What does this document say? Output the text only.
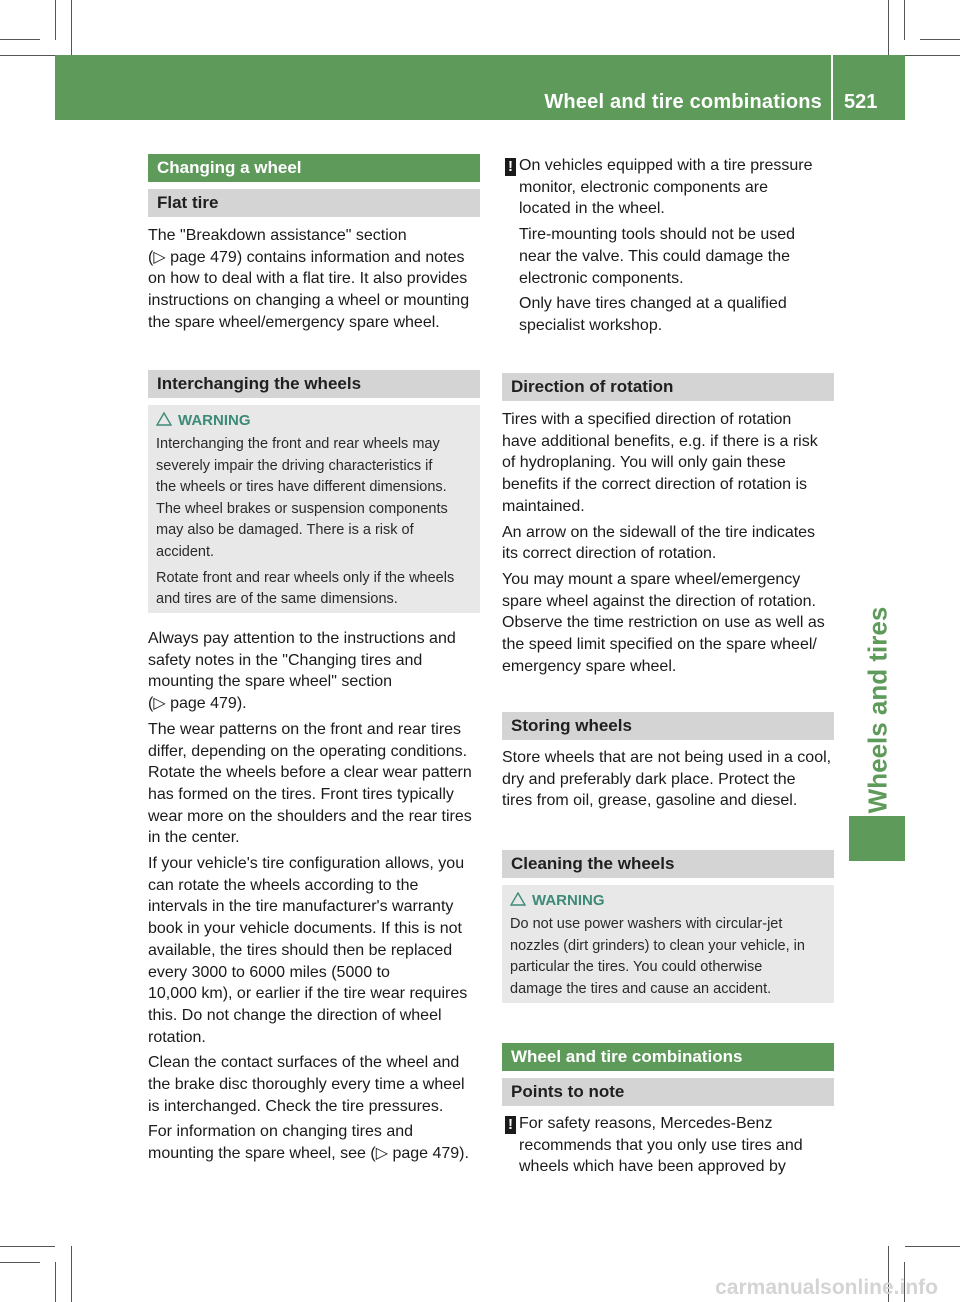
Wheel and tire combinations 521
Wheels and tires
Changing a wheel
Flat tire
The "Breakdown assistance" section
(▷ page 479) contains information and notes
on how to deal with a flat tire. It also provides
instructions on changing a wheel or mounting
the spare wheel/emergency spare wheel.
Interchanging the wheels
WARNING
Interchanging the front and rear wheels may
severely impair the driving characteristics if
the wheels or tires have different dimensions.
The wheel brakes or suspension components
may also be damaged. There is a risk of
accident.
Rotate front and rear wheels only if the wheels
and tires are of the same dimensions.
Always pay attention to the instructions and
safety notes in the "Changing tires and
mounting the spare wheel" section
(▷ page 479).
The wear patterns on the front and rear tires
differ, depending on the operating conditions.
Rotate the wheels before a clear wear pattern
has formed on the tires. Front tires typically
wear more on the shoulders and the rear tires
in the center.
If your vehicle's tire configuration allows, you
can rotate the wheels according to the
intervals in the tire manufacturer's warranty
book in your vehicle documents. If this is not
available, the tires should then be replaced
every 3000 to 6000 miles (5000 to
10,000 km), or earlier if the tire wear requires
this. Do not change the direction of wheel
rotation.
Clean the contact surfaces of the wheel and
the brake disc thoroughly every time a wheel
is interchanged. Check the tire pressures.
For information on changing tires and
mounting the spare wheel, see (▷ page 479).
! On vehicles equipped with a tire pressure
monitor, electronic components are
located in the wheel.
Tire-mounting tools should not be used
near the valve. This could damage the
electronic components.
Only have tires changed at a qualified
specialist workshop.
Direction of rotation
Tires with a specified direction of rotation
have additional benefits, e.g. if there is a risk
of hydroplaning. You will only gain these
benefits if the correct direction of rotation is
maintained.
An arrow on the sidewall of the tire indicates
its correct direction of rotation.
You may mount a spare wheel/emergency
spare wheel against the direction of rotation.
Observe the time restriction on use as well as
the speed limit specified on the spare wheel/
emergency spare wheel.
Storing wheels
Store wheels that are not being used in a cool,
dry and preferably dark place. Protect the
tires from oil, grease, gasoline and diesel.
Cleaning the wheels
WARNING
Do not use power washers with circular-jet
nozzles (dirt grinders) to clean your vehicle, in
particular the tires. You could otherwise
damage the tires and cause an accident.
Wheel and tire combinations
Points to note
! For safety reasons, Mercedes-Benz
recommends that you only use tires and
wheels which have been approved by
carmanualsonline.info
